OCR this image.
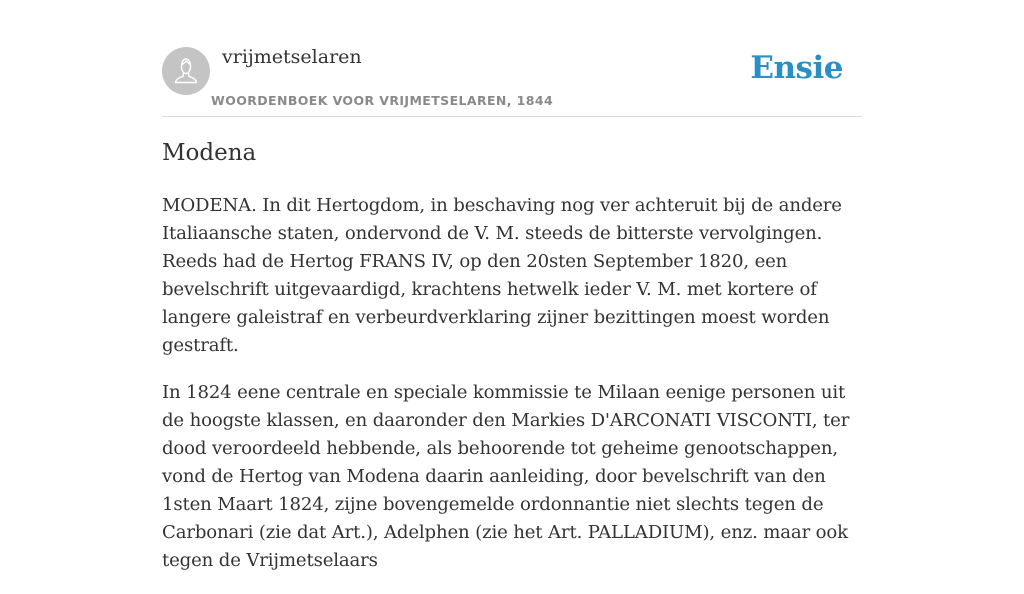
vrijmetselaren
WOORDENBOEK VOOR VRIJMETSELAREN, 1844
Ensie
Modena

MODENA. In dit Hertogdom, in beschaving nog ver achteruit bij de andere Italiaansche staten, ondervond de V. M. steeds de bitterste vervolgingen. Reeds had de Hertog FRANS IV, op den 20sten September 1820, een bevelschrift uitgevaardigd, krachtens hetwelk ieder V. M. met kortere of langere galeistraf en verbeurdverklaring zijner bezittingen moest worden gestraft.

In 1824 eene centrale en speciale kommissie te Milaan eenige personen uit de hoogste klassen, en daaronder den Markies D'ARCONATI VISCONTI, ter dood veroordeeld hebbende, als behoorende tot geheime genootschappen, vond de Hertog van Modena daarin aanleiding, door bevelschrift van den 1sten Maart 1824, zijne bovengemelde ordonnantie niet slechts tegen de Carbonari (zie dat Art.), Adelphen (zie het Art. PALLADIUM), enz. maar ook tegen de Vrijmetselaars
